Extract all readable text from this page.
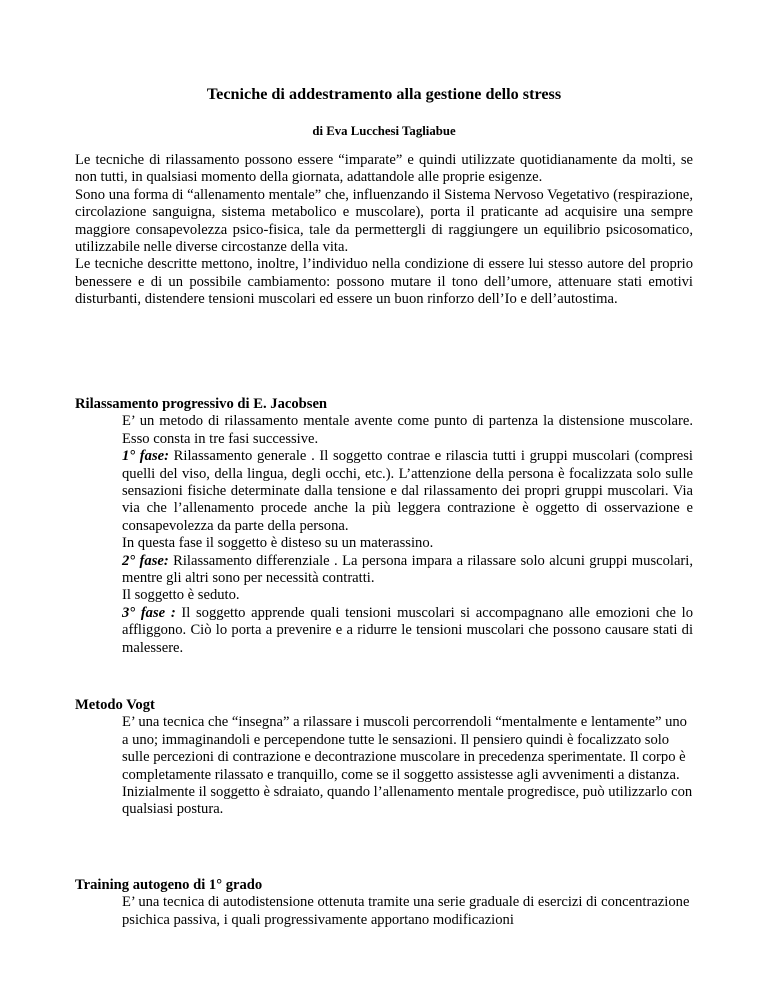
Tecniche di addestramento alla gestione dello stress
di Eva Lucchesi Tagliabue

Le tecniche di rilassamento possono essere “imparate” e quindi utilizzate quotidianamente da molti, se non tutti, in qualsiasi momento della giornata, adattandole alle proprie esigenze.

Sono una forma di “allenamento mentale” che, influenzando il Sistema Nervoso Vegetativo (respirazione, circolazione sanguigna, sistema metabolico e muscolare), porta il praticante ad acquisire una sempre maggiore consapevolezza psico-fisica, tale da permettergli di raggiungere un equilibrio psicosomatico, utilizzabile nelle diverse circostanze della vita.

Le tecniche descritte mettono, inoltre, l’individuo nella condizione di essere lui stesso autore del proprio benessere e di un possibile cambiamento: possono mutare il tono dell’umore, attenuare stati emotivi disturbanti, distendere tensioni muscolari ed essere un buon rinforzo dell’Io e dell’autostima.

Rilassamento progressivo di E. Jacobsen

E’ un metodo di rilassamento mentale avente come punto di partenza la distensione muscolare. Esso consta in tre fasi successive.

1° fase: Rilassamento generale . Il soggetto contrae e rilascia tutti i gruppi muscolari (compresi quelli del viso, della lingua, degli occhi, etc.). L’attenzione della persona è focalizzata solo sulle sensazioni fisiche determinate dalla tensione e dal rilassamento dei propri gruppi muscolari. Via via che l’allenamento procede anche la più leggera contrazione è oggetto di osservazione e consapevolezza da parte della persona.

In questa fase il soggetto è disteso su un materassino.

2° fase: Rilassamento differenziale . La persona impara a rilassare solo alcuni gruppi muscolari, mentre gli altri sono per necessità contratti.

Il soggetto è seduto.

3° fase : Il soggetto apprende quali tensioni muscolari si accompagnano alle emozioni che lo affliggono. Ciò lo porta a prevenire e a ridurre le tensioni muscolari che possono causare stati di malessere.

Metodo Vogt

E’ una tecnica che “insegna” a rilassare i muscoli percorrendoli “mentalmente e lentamente” uno a uno; immaginandoli e percependone tutte le sensazioni. Il pensiero quindi è focalizzato solo sulle percezioni di contrazione e decontrazione muscolare in precedenza sperimentate. Il corpo è completamente rilassato e tranquillo, come se il soggetto assistesse agli avvenimenti a distanza.

Inizialmente il soggetto è sdraiato, quando l’allenamento mentale progredisce, può utilizzarlo con qualsiasi postura.

Training autogeno di 1° grado

E’ una tecnica di autodistensione ottenuta tramite una serie graduale di esercizi di concentrazione psichica passiva, i quali progressivamente apportano modificazioni
